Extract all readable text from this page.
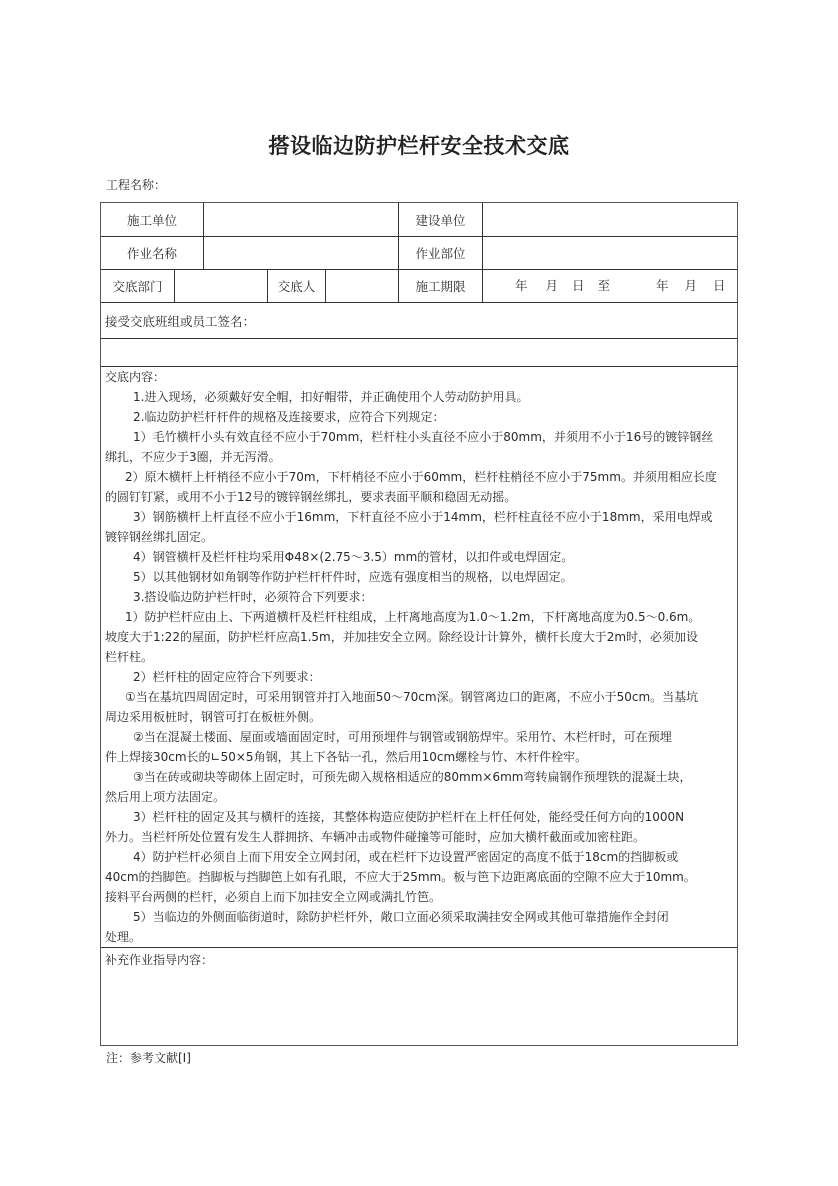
搭设临边防护栏杆安全技术交底
工程名称：
施工单位	建设单位
作业名称	作业部位
交底部门	交底人	施工期限	年 月 日 至	年 月 日
接受交底班组或员工签名：
交底内容：
1.进入现场，必须戴好安全帽，扣好帽带，并正确使用个人劳动防护用具。
2.临边防护栏杆杆件的规格及连接要求，应符合下列规定：
1）毛竹横杆小头有效直径不应小于70mm，栏杆柱小头直径不应小于80mm，并须用不小于16号的镀锌钢丝
绑扎，不应少于3圈，并无泻滑。
2）原木横杆上杆梢径不应小于70m，下杆梢径不应小于60mm，栏杆柱梢径不应小于75mm。并须用相应长度
的圆钉钉紧，或用不小于12号的镀锌钢丝绑扎，要求表面平顺和稳固无动摇。
3）钢筋横杆上杆直径不应小于16mm，下杆直径不应小于14mm，栏杆柱直径不应小于18mm，采用电焊或
镀锌钢丝绑扎固定。
4）钢管横杆及栏杆柱均采用Φ48×(2.75～3.5）mm的管材，以扣件或电焊固定。
5）以其他钢材如角钢等作防护栏杆杆件时，应选有强度相当的规格，以电焊固定。
3.搭设临边防护栏杆时，必须符合下列要求：
1）防护栏杆应由上、下两道横杆及栏杆柱组成，上杆离地高度为1.0～1.2m，下杆离地高度为0.5～0.6m。
坡度大于1:22的屋面，防护栏杆应高1.5m，并加挂安全立网。除经设计计算外，横杆长度大于2m时，必须加设
栏杆柱。
2）栏杆柱的固定应符合下列要求：
①当在基坑四周固定时，可采用钢管并打入地面50～70cm深。钢管离边口的距离，不应小于50cm。当基坑
周边采用板桩时，钢管可打在板桩外侧。
②当在混凝土楼面、屋面或墙面固定时，可用预埋件与钢管或钢筋焊牢。采用竹、木栏杆时，可在预埋
件上焊接30cm长的∟50×5角钢，其上下各钻一孔，然后用10cm螺栓与竹、木杆件栓牢。
③当在砖或砌块等砌体上固定时，可预先砌入规格相适应的80mm×6mm弯转扁钢作预埋铁的混凝土块，
然后用上项方法固定。
3）栏杆柱的固定及其与横杆的连接，其整体构造应使防护栏杆在上杆任何处，能经受任何方向的1000N
外力。当栏杆所处位置有发生人群拥挤、车辆冲击或物件碰撞等可能时，应加大横杆截面或加密柱距。
4）防护栏杆必须自上而下用安全立网封闭，或在栏杆下边设置严密固定的高度不低于18cm的挡脚板或
40cm的挡脚笆。挡脚板与挡脚笆上如有孔眼，不应大于25mm。板与笆下边距离底面的空隙不应大于10mm。
接料平台两侧的栏杆，必须自上而下加挂安全立网或满扎竹笆。
5）当临边的外侧面临街道时，除防护栏杆外，敞口立面必须采取满挂安全网或其他可靠措施作全封闭
处理。
补充作业指导内容：
注：参考文献[Ⅰ]
